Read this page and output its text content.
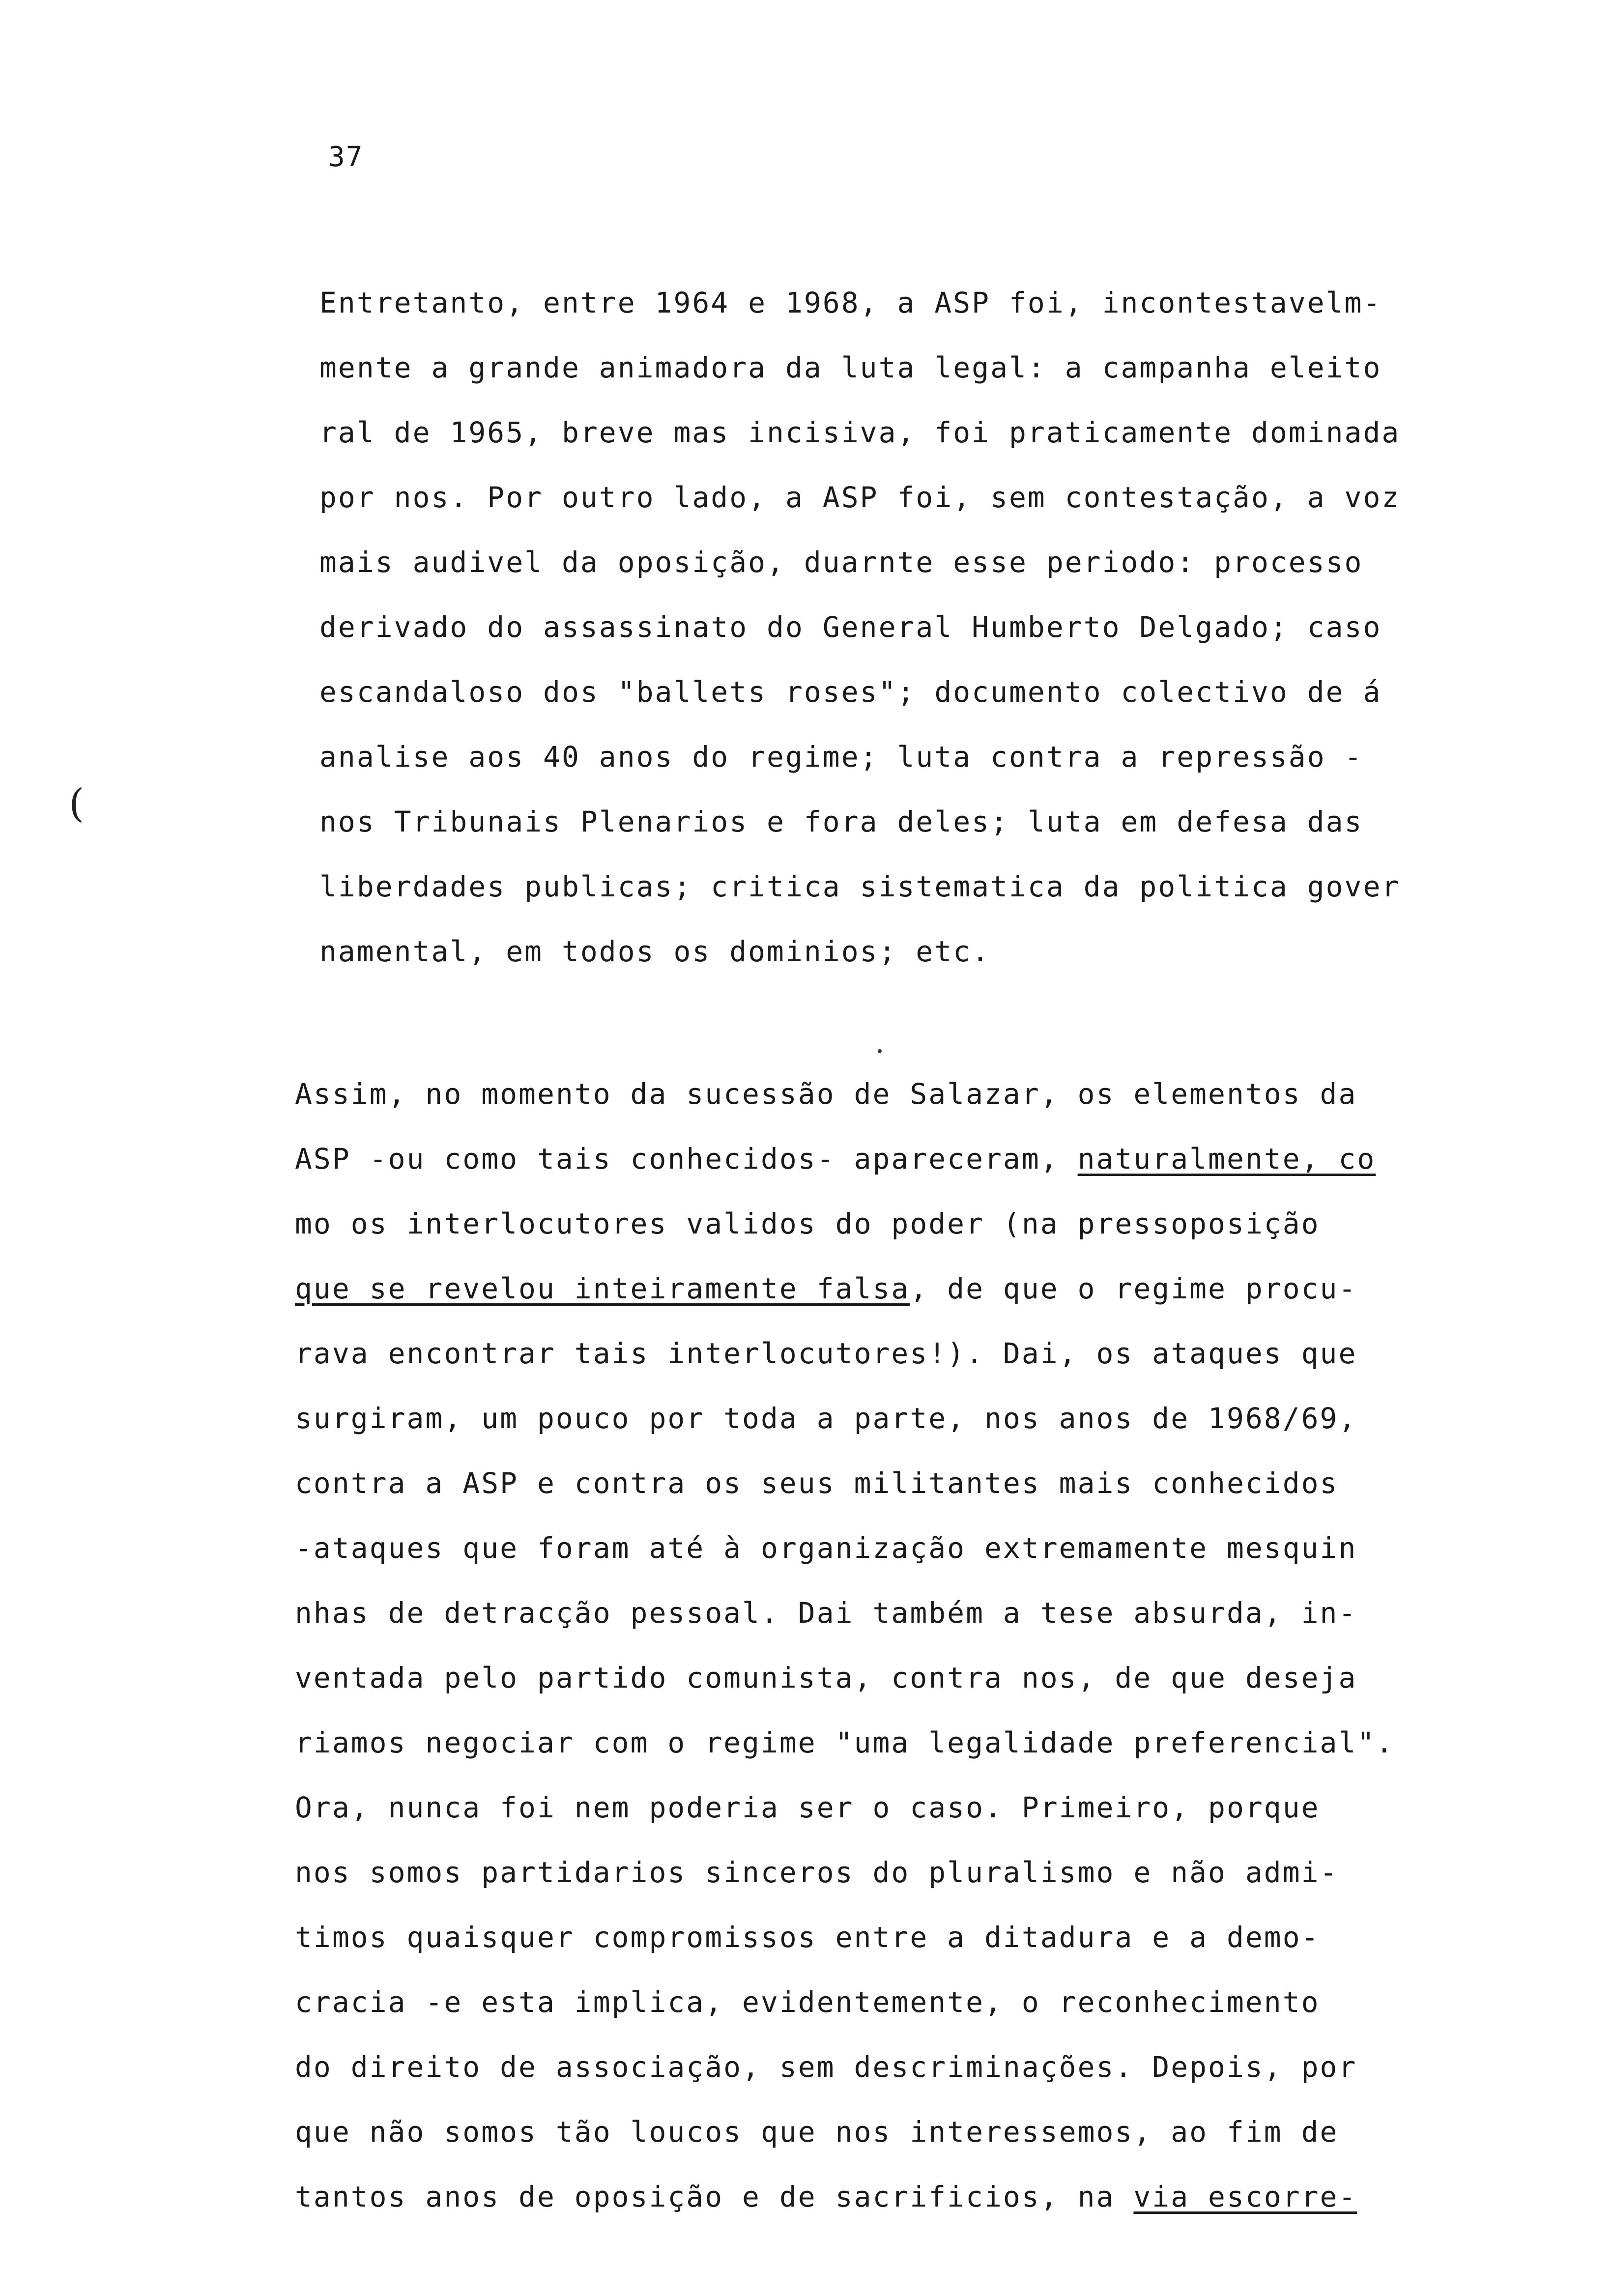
37
(
Entretanto, entre 1964 e 1968, a ASP foi, incontestavelm-
mente a grande animadora da luta legal: a campanha eleito
ral de 1965, breve mas incisiva, foi praticamente dominada
por nos. Por outro lado, a ASP foi, sem contestação, a voz
mais audivel da oposição, duarnte esse periodo: processo
derivado do assassinato do General Humberto Delgado; caso
escandaloso dos "ballets roses"; documento colectivo de á
analise aos 40 anos do regime; luta contra a repressão -
nos Tribunais Plenarios e fora deles; luta em defesa das
liberdades publicas; critica sistematica da politica gover
namental, em todos os dominios; etc.
Assim, no momento da sucessão de Salazar, os elementos da
ASP -ou como tais conhecidos- apareceram, naturalmente, co
mo os interlocutores validos do poder (na pressoposição
que se revelou inteiramente falsa, de que o regime procu-
rava encontrar tais interlocutores!). Dai, os ataques que
surgiram, um pouco por toda a parte, nos anos de 1968/69,
contra a ASP e contra os seus militantes mais conhecidos
-ataques que foram até à organização extremamente mesquin
nhas de detracção pessoal. Dai também a tese absurda, in-
ventada pelo partido comunista, contra nos, de que deseja
riamos negociar com o regime "uma legalidade preferencial".
Ora, nunca foi nem poderia ser o caso. Primeiro, porque
nos somos partidarios sinceros do pluralismo e não admi-
timos quaisquer compromissos entre a ditadura e a demo-
cracia -e esta implica, evidentemente, o reconhecimento
do direito de associação, sem descriminações. Depois, por
que não somos tão loucos que nos interessemos, ao fim de
tantos anos de oposição e de sacrificios, na via escorre-
